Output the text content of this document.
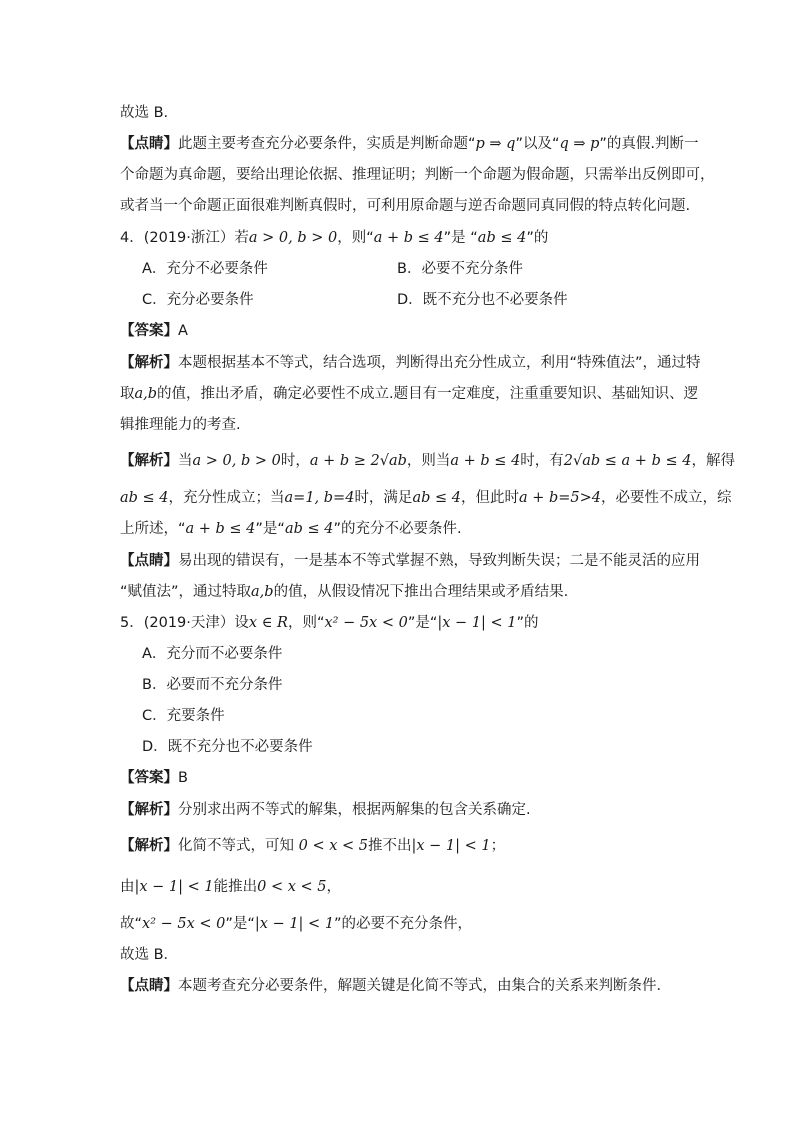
故选 B.
【点睛】此题主要考查充分必要条件，实质是判断命题“p ⇒ q”以及“q ⇒ p”的真假.判断一
个命题为真命题，要给出理论依据、推理证明；判断一个命题为假命题，只需举出反例即可，
或者当一个命题正面很难判断真假时，可利用原命题与逆否命题同真同假的特点转化问题.
4．(2019·浙江）若a > 0, b > 0，则“a + b ≤ 4”是 “ab ≤ 4”的
A．充分不必要条件	B．必要不充分条件
C．充分必要条件	D．既不充分也不必要条件
【答案】A
【解析】本题根据基本不等式，结合选项，判断得出充分性成立，利用“特殊值法”，通过特
取a,b的值，推出矛盾，确定必要性不成立.题目有一定难度，注重重要知识、基础知识、逻
辑推理能力的考查.
【解析】当a > 0, b > 0时，a + b ≥ 2√ab，则当a + b ≤ 4时，有2√ab ≤ a + b ≤ 4，解得
ab ≤ 4，充分性成立；当a=1, b=4时，满足ab ≤ 4，但此时a + b=5>4，必要性不成立，综
上所述，“a + b ≤ 4”是“ab ≤ 4”的充分不必要条件.
【点睛】易出现的错误有，一是基本不等式掌握不熟，导致判断失误；二是不能灵活的应用
“赋值法”，通过特取a,b的值，从假设情况下推出合理结果或矛盾结果.
5．(2019·天津）设x ∈ R，则“x² − 5x < 0”是“|x − 1| < 1”的
A．充分而不必要条件
B．必要而不充分条件
C．充要条件
D．既不充分也不必要条件
【答案】B
【解析】分别求出两不等式的解集，根据两解集的包含关系确定.
【解析】化简不等式，可知 0 < x < 5推不出|x − 1| < 1；
由|x − 1| < 1能推出0 < x < 5，
故“x² − 5x < 0”是“|x − 1| < 1”的必要不充分条件，
故选 B．
【点睛】本题考查充分必要条件，解题关键是化简不等式，由集合的关系来判断条件．
